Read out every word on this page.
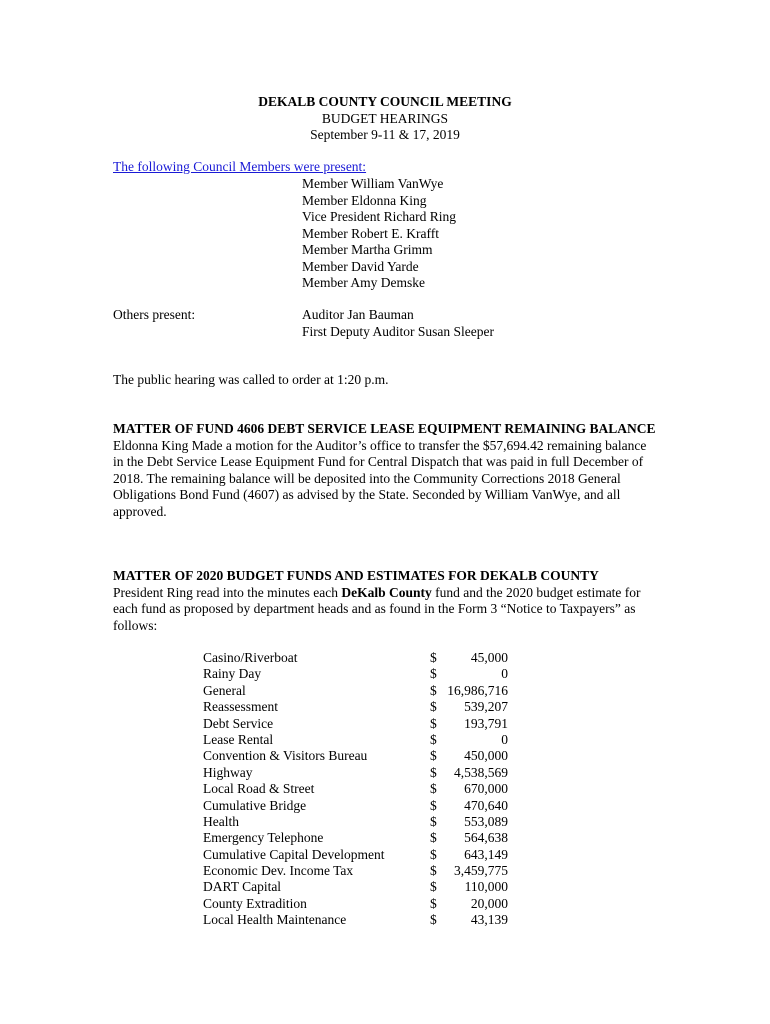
DEKALB COUNTY COUNCIL MEETING
BUDGET HEARINGS
September 9-11 & 17, 2019
The following Council Members were present:
Member William VanWye
Member Eldonna King
Vice President Richard Ring
Member Robert E. Krafft
Member Martha Grimm
Member David Yarde
Member Amy Demske
Others present:	Auditor Jan Bauman
First Deputy Auditor Susan Sleeper
The public hearing was called to order at 1:20 p.m.

MATTER OF FUND 4606 DEBT SERVICE LEASE EQUIPMENT REMAINING BALANCE

Eldonna King Made a motion for the Auditor’s office to transfer the $57,694.42 remaining balance in the Debt Service Lease Equipment Fund for Central Dispatch that was paid in full December of 2018. The remaining balance will be deposited into the Community Corrections 2018 General Obligations Bond Fund (4607) as advised by the State. Seconded by William VanWye, and all approved.

MATTER OF 2020 BUDGET FUNDS AND ESTIMATES FOR DEKALB COUNTY

President Ring read into the minutes each DeKalb County fund and the 2020 budget estimate for each fund as proposed by department heads and as found in the Form 3 “Notice to Taxpayers” as follows:

Casino/Riverboat	$	45,000
Rainy Day	$	0
General	$ 16,986,716
Reassessment	$ 539,207
Debt Service	$ 193,791
Lease Rental	$	0
Convention & Visitors Bureau	$ 450,000
Highway	$ 4,538,569
Local Road & Street	$ 670,000
Cumulative Bridge	$ 470,640
Health	$ 553,089
Emergency Telephone	$ 564,638
Cumulative Capital Development	$ 643,149
Economic Dev. Income Tax	$ 3,459,775
DART Capital	$ 110,000
County Extradition	$	20,000
Local Health Maintenance	$	43,139
